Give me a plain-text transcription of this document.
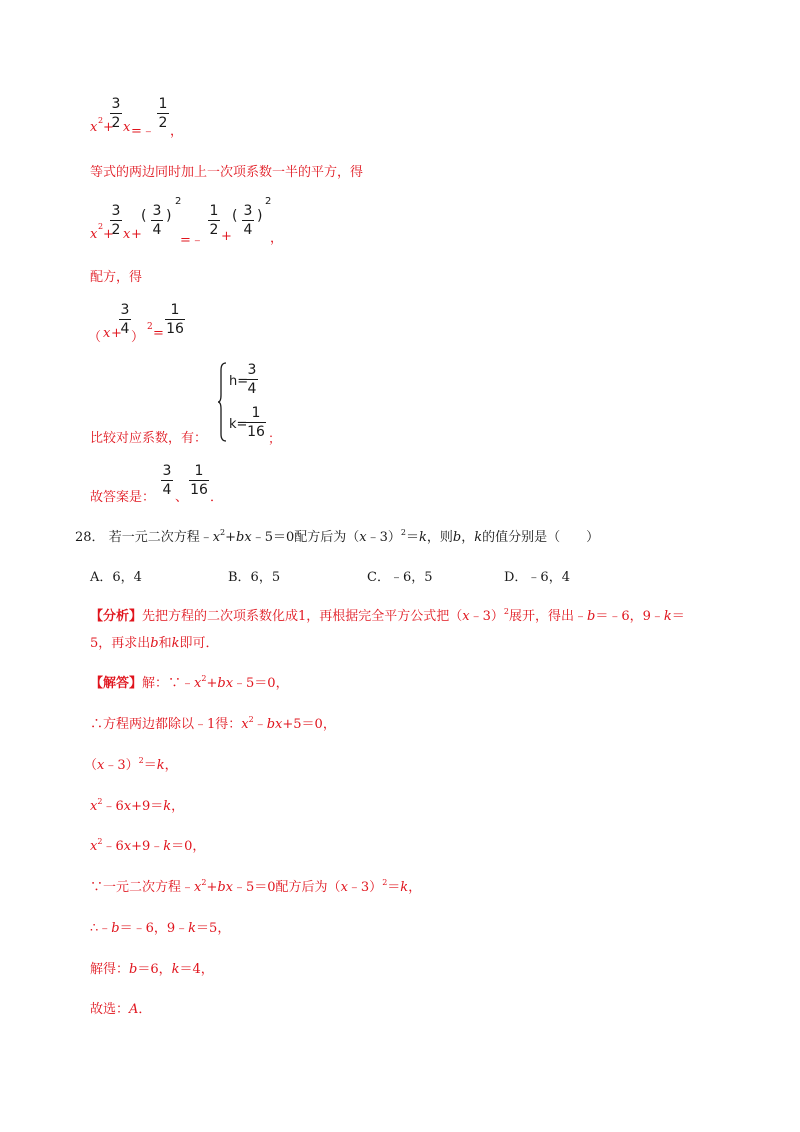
x 2 +
3
2 x =﹣
1
2
，
等式的两边同时加上一次项系数一半的平方，得
x
2
+
3
2 x +
( 3
4
)
2
=﹣
1
2 +
( 3
4
)
2
，
配方，得
（ x +
3
4
）
2 =
1
16
比较对应系数，有：
h=
3
4
k=
1
16 ；
故答案是：
3
4 、
1
16 ．
28． 若一元二次方程$﹣x^2+bx﹣5=0$配方后为（x﹣3）$^2$＝k，则b，k的值分别是（　　）
A．6，4	B．6，5	C．﹣6，5	D．﹣6，4
【分析】先把方程的二次项系数化成1，再根据完全平方公式把（x﹣3）$^2$展开，得出﹣b＝﹣6，9﹣k＝
5，再求出b和k即可．
【解答】解：$\because﹣x^2+bx﹣5=0$，
∴方程两边都除以﹣1得：$x^2﹣bx+5=0$，
（x﹣3）$^2$＝k，
$x^2﹣6x+9=k$，
$x^2﹣6x+9﹣k=0$，
∵一元二次方程$﹣x^2+bx﹣5=0$配方后为（x﹣3）$^2$＝k，
∴﹣b＝﹣6，9﹣k＝5，
解得：b＝6，k＝4，
故选：A．
